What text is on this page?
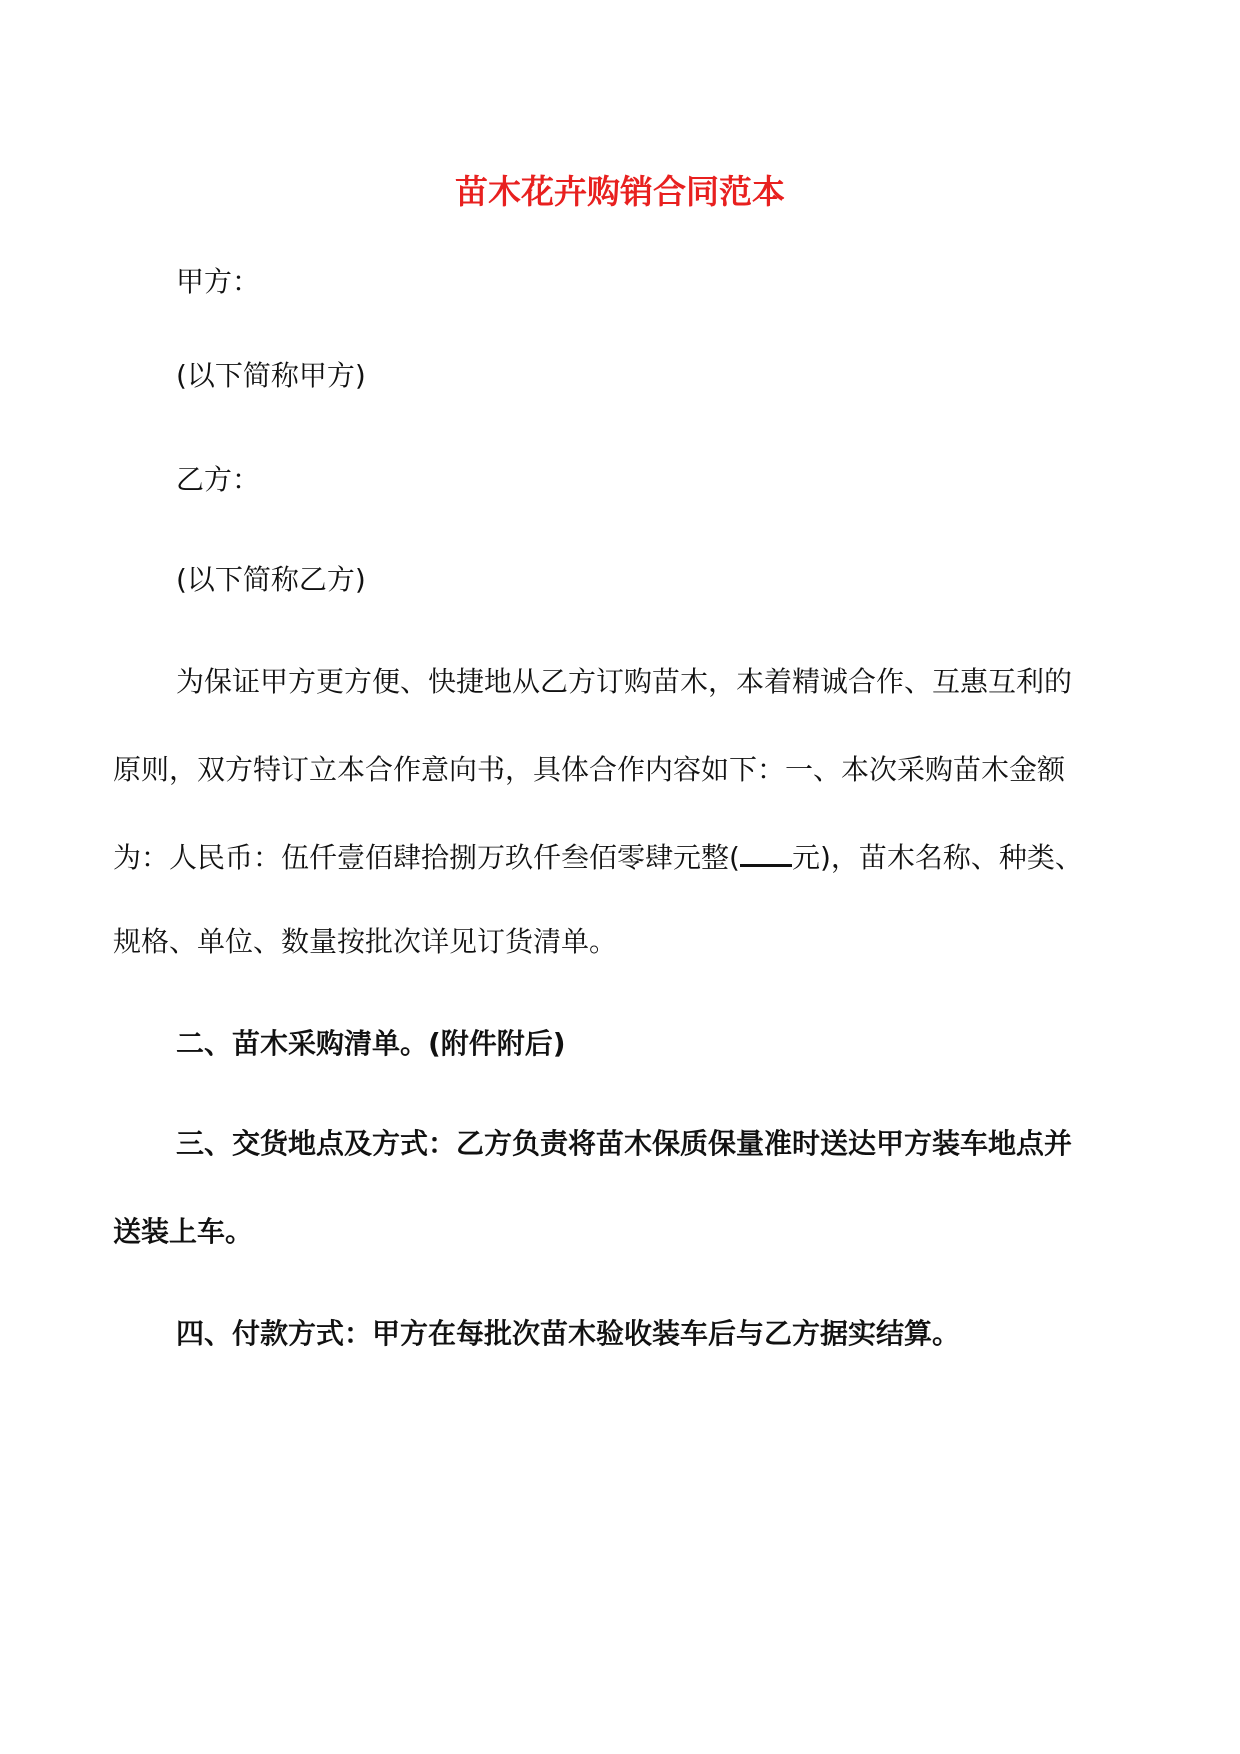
苗木花卉购销合同范本
甲方：
(以下简称甲方)
乙方：
(以下简称乙方)
为保证甲方更方便、快捷地从乙方订购苗木，本着精诚合作、互惠互利的
原则，双方特订立本合作意向书，具体合作内容如下：一、本次采购苗木金额
为：人民币：伍仟壹佰肆拾捌万玖仟叁佰零肆元整( 元)，苗木名称、种类、
规格、单位、数量按批次详见订货清单。
二、苗木采购清单。(附件附后)
三、交货地点及方式：乙方负责将苗木保质保量准时送达甲方装车地点并
送装上车。
四、付款方式：甲方在每批次苗木验收装车后与乙方据实结算。
